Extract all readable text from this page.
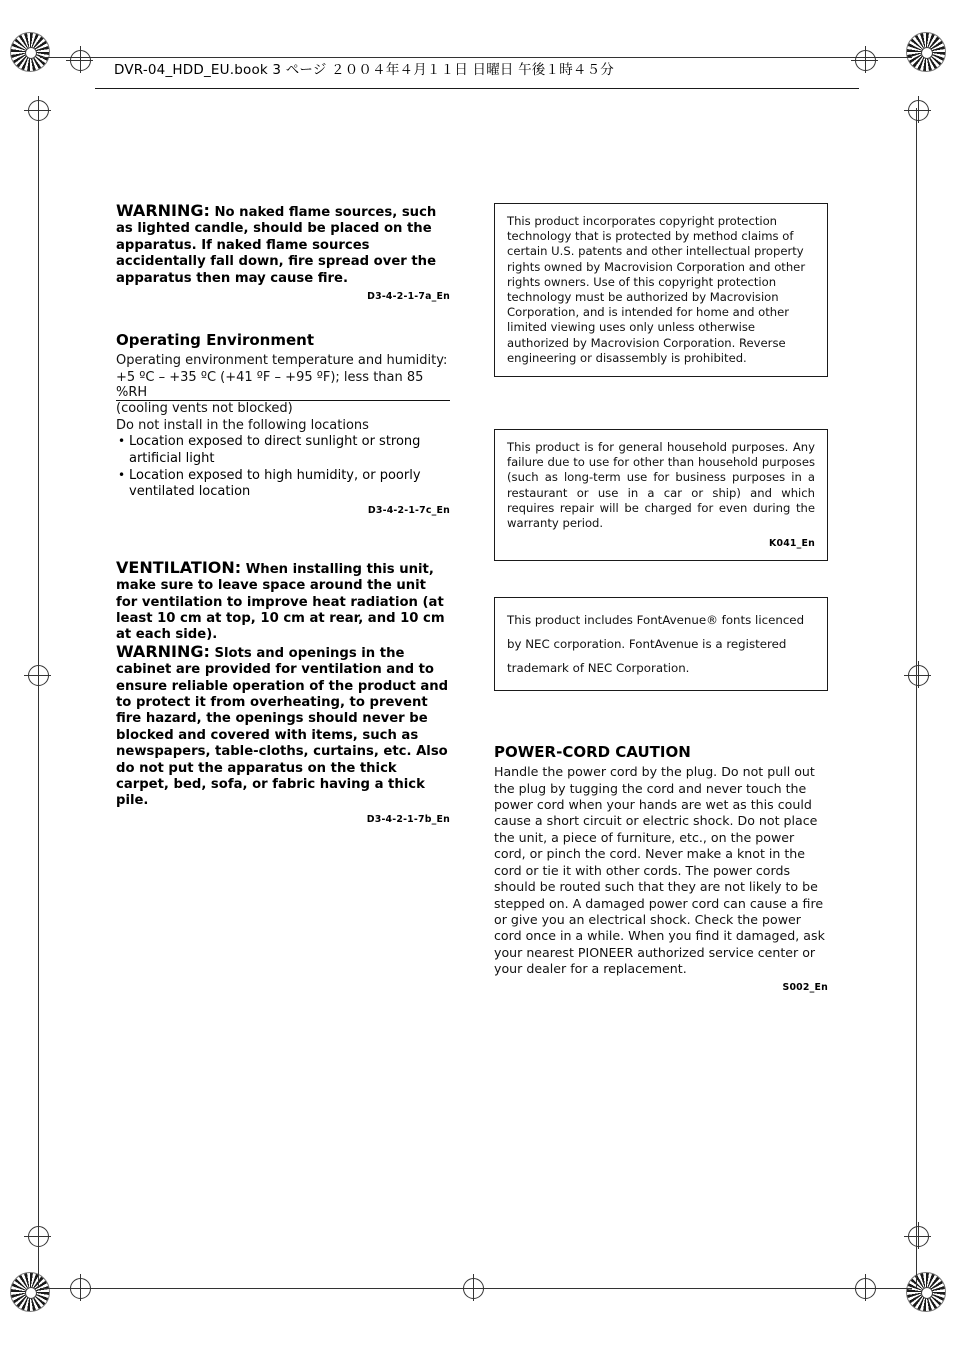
DVR-04_HDD_EU.book 3 ページ ２００４年４月１１日 日曜日 午後１時４５分
WARNING: No naked flame sources, such as lighted candle, should be placed on the apparatus. If naked flame sources accidentally fall down, fire spread over the apparatus then may cause fire.
D3-4-2-1-7a_En
Operating Environment
Operating environment temperature and humidity:
+5 ºC – +35 ºC (+41 ºF – +95 ºF); less than 85 %RH
(cooling vents not blocked)
Do not install in the following locations
• Location exposed to direct sunlight or strong artificial light
• Location exposed to high humidity, or poorly ventilated location
D3-4-2-1-7c_En
VENTILATION: When installing this unit, make sure to leave space around the unit for ventilation to improve heat radiation (at least 10 cm at top, 10 cm at rear, and 10 cm at each side).
WARNING: Slots and openings in the cabinet are provided for ventilation and to ensure reliable operation of the product and to protect it from overheating, to prevent fire hazard, the openings should never be blocked and covered with items, such as newspapers, table-cloths, curtains, etc. Also do not put the apparatus on the thick carpet, bed, sofa, or fabric having a thick pile.
D3-4-2-1-7b_En

This product incorporates copyright protection technology that is protected by method claims of certain U.S. patents and other intellectual property rights owned by Macrovision Corporation and other rights owners. Use of this copyright protection technology must be authorized by Macrovision Corporation, and is intended for home and other limited viewing uses only unless otherwise authorized by Macrovision Corporation. Reverse engineering or disassembly is prohibited.

This product is for general household purposes. Any failure due to use for other than household purposes (such as long-term use for business purposes in a restaurant or use in a car or ship) and which requires repair will be charged for even during the warranty period.

K041_En

This product includes FontAvenue® fonts licenced by NEC corporation. FontAvenue is a registered trademark of NEC Corporation.

POWER-CORD CAUTION
Handle the power cord by the plug. Do not pull out the plug by tugging the cord and never touch the power cord when your hands are wet as this could cause a short circuit or electric shock. Do not place the unit, a piece of furniture, etc., on the power cord, or pinch the cord. Never make a knot in the cord or tie it with other cords. The power cords should be routed such that they are not likely to be stepped on. A damaged power cord can cause a fire or give you an electrical shock. Check the power cord once in a while. When you find it damaged, ask your nearest PIONEER authorized service center or your dealer for a replacement.
S002_En
